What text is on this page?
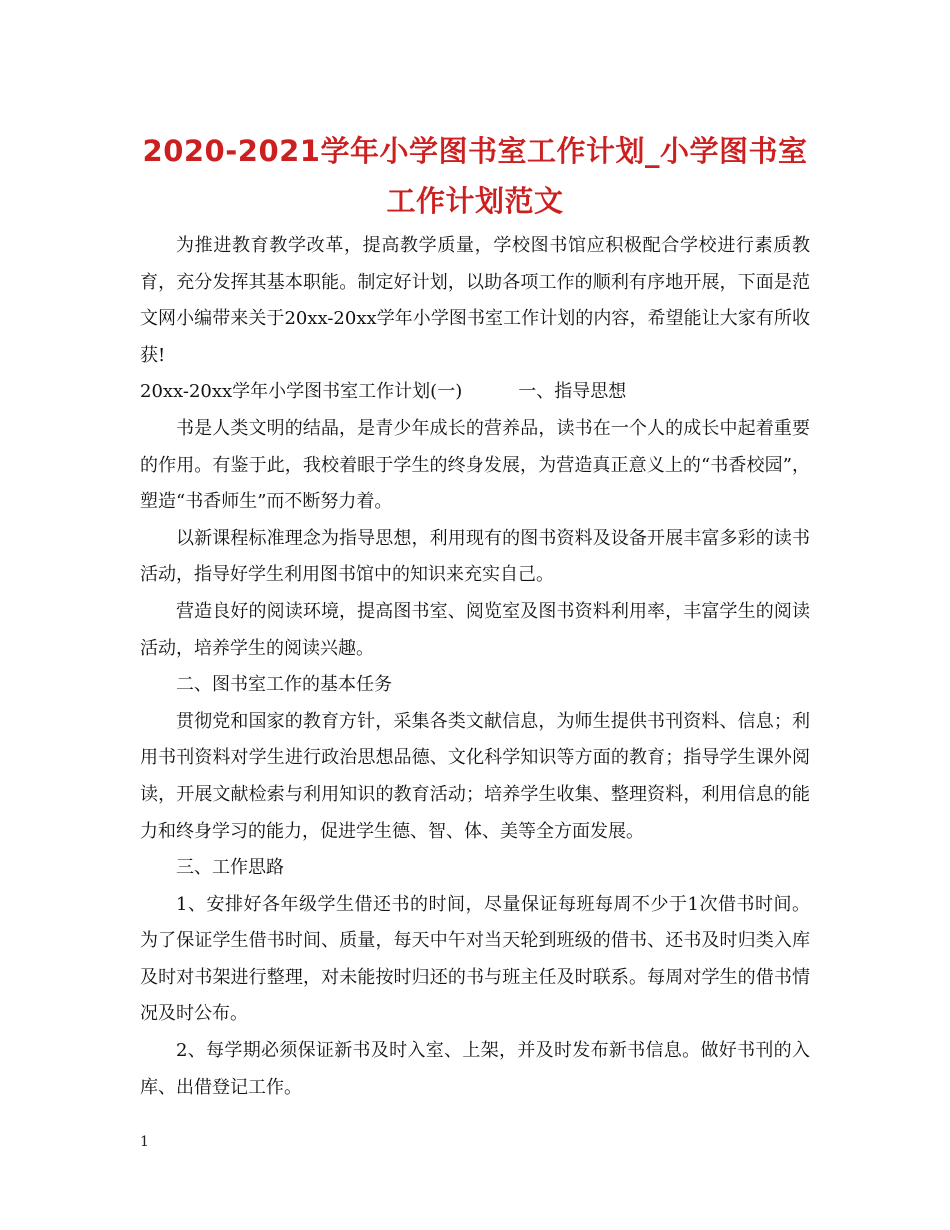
2020-2021学年小学图书室工作计划_小学图书室工作计划范文

为推进教育教学改革，提高教学质量，学校图书馆应积极配合学校进行素质教育，充分发挥其基本职能。制定好计划，以助各项工作的顺利有序地开展，下面是范文网小编带来关于20xx-20xx学年小学图书室工作计划的内容，希望能让大家有所收获!

20xx-20xx学年小学图书室工作计划(一)	一、指导思想

书是人类文明的结晶，是青少年成长的营养品，读书在一个人的成长中起着重要的作用。有鉴于此，我校着眼于学生的终身发展，为营造真正意义上的“书香校园”，塑造“书香师生”而不断努力着。

以新课程标准理念为指导思想，利用现有的图书资料及设备开展丰富多彩的读书活动，指导好学生利用图书馆中的知识来充实自己。

营造良好的阅读环境，提高图书室、阅览室及图书资料利用率，丰富学生的阅读活动，培养学生的阅读兴趣。

二、图书室工作的基本任务

贯彻党和国家的教育方针，采集各类文献信息，为师生提供书刊资料、信息；利用书刊资料对学生进行政治思想品德、文化科学知识等方面的教育；指导学生课外阅读，开展文献检索与利用知识的教育活动；培养学生收集、整理资料，利用信息的能力和终身学习的能力，促进学生德、智、体、美等全方面发展。

三、工作思路

1、安排好各年级学生借还书的时间，尽量保证每班每周不少于1次借书时间。为了保证学生借书时间、质量，每天中午对当天轮到班级的借书、还书及时归类入库及时对书架进行整理，对未能按时归还的书与班主任及时联系。每周对学生的借书情况及时公布。

2、每学期必须保证新书及时入室、上架，并及时发布新书信息。做好书刊的入库、出借登记工作。

1
